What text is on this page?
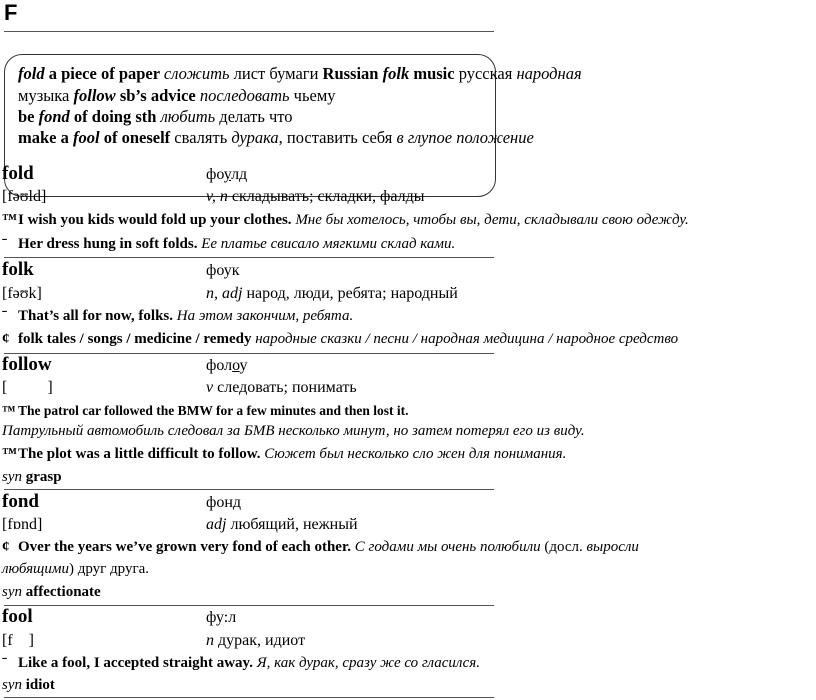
F
fold a piece of paper сложить лист бумаги Russian folk music русская народная
музыка follow sb’s advice последовать чьему
be fond of doing sth любить делать что
make a fool of oneself свалять дурака, поставить себя в глупое положение
fold	фоулд
[fəʊld]	v, n складывать; складки, фалды
™I wish you kids would fold up your clothes. Мне бы хотелось, чтобы вы, дети, складывали свою одежду.
ˉ Her dress hung in soft folds. Ее платье свисало мягкими склад ками.
folk	фоук
[fəʊk]	n, adj народ, люди, ребята; народный
ˉ That’s all for now, folks. На этом закончим, ребята.
¢ folk tales / songs / medicine / remedy народные сказки / песни / народная медицина / народное средство
follow	фолоу
[          ]	v следовать; понимать
™ The patrol car followed the BMW for a few minutes and then lost it.
Патрульный автомобиль следовал за БМВ несколько минут, но затем потерял его из виду.
™The plot was a little difficult to follow. Сюжет был несколько сло жен для понимания.
syn grasp
fond	фонд
[fɒnd]	adj любящий, нежный
¢ Over the years we’ve grown very fond of each other. С годами мы очень полюбили (досл. выросли
любящими) друг друга.
syn affectionate
fool	фу:л
[f    ]	n дурак, идиот
ˉ Like a fool, I accepted straight away. Я, как дурак, сразу же со гласился.
syn idiot
